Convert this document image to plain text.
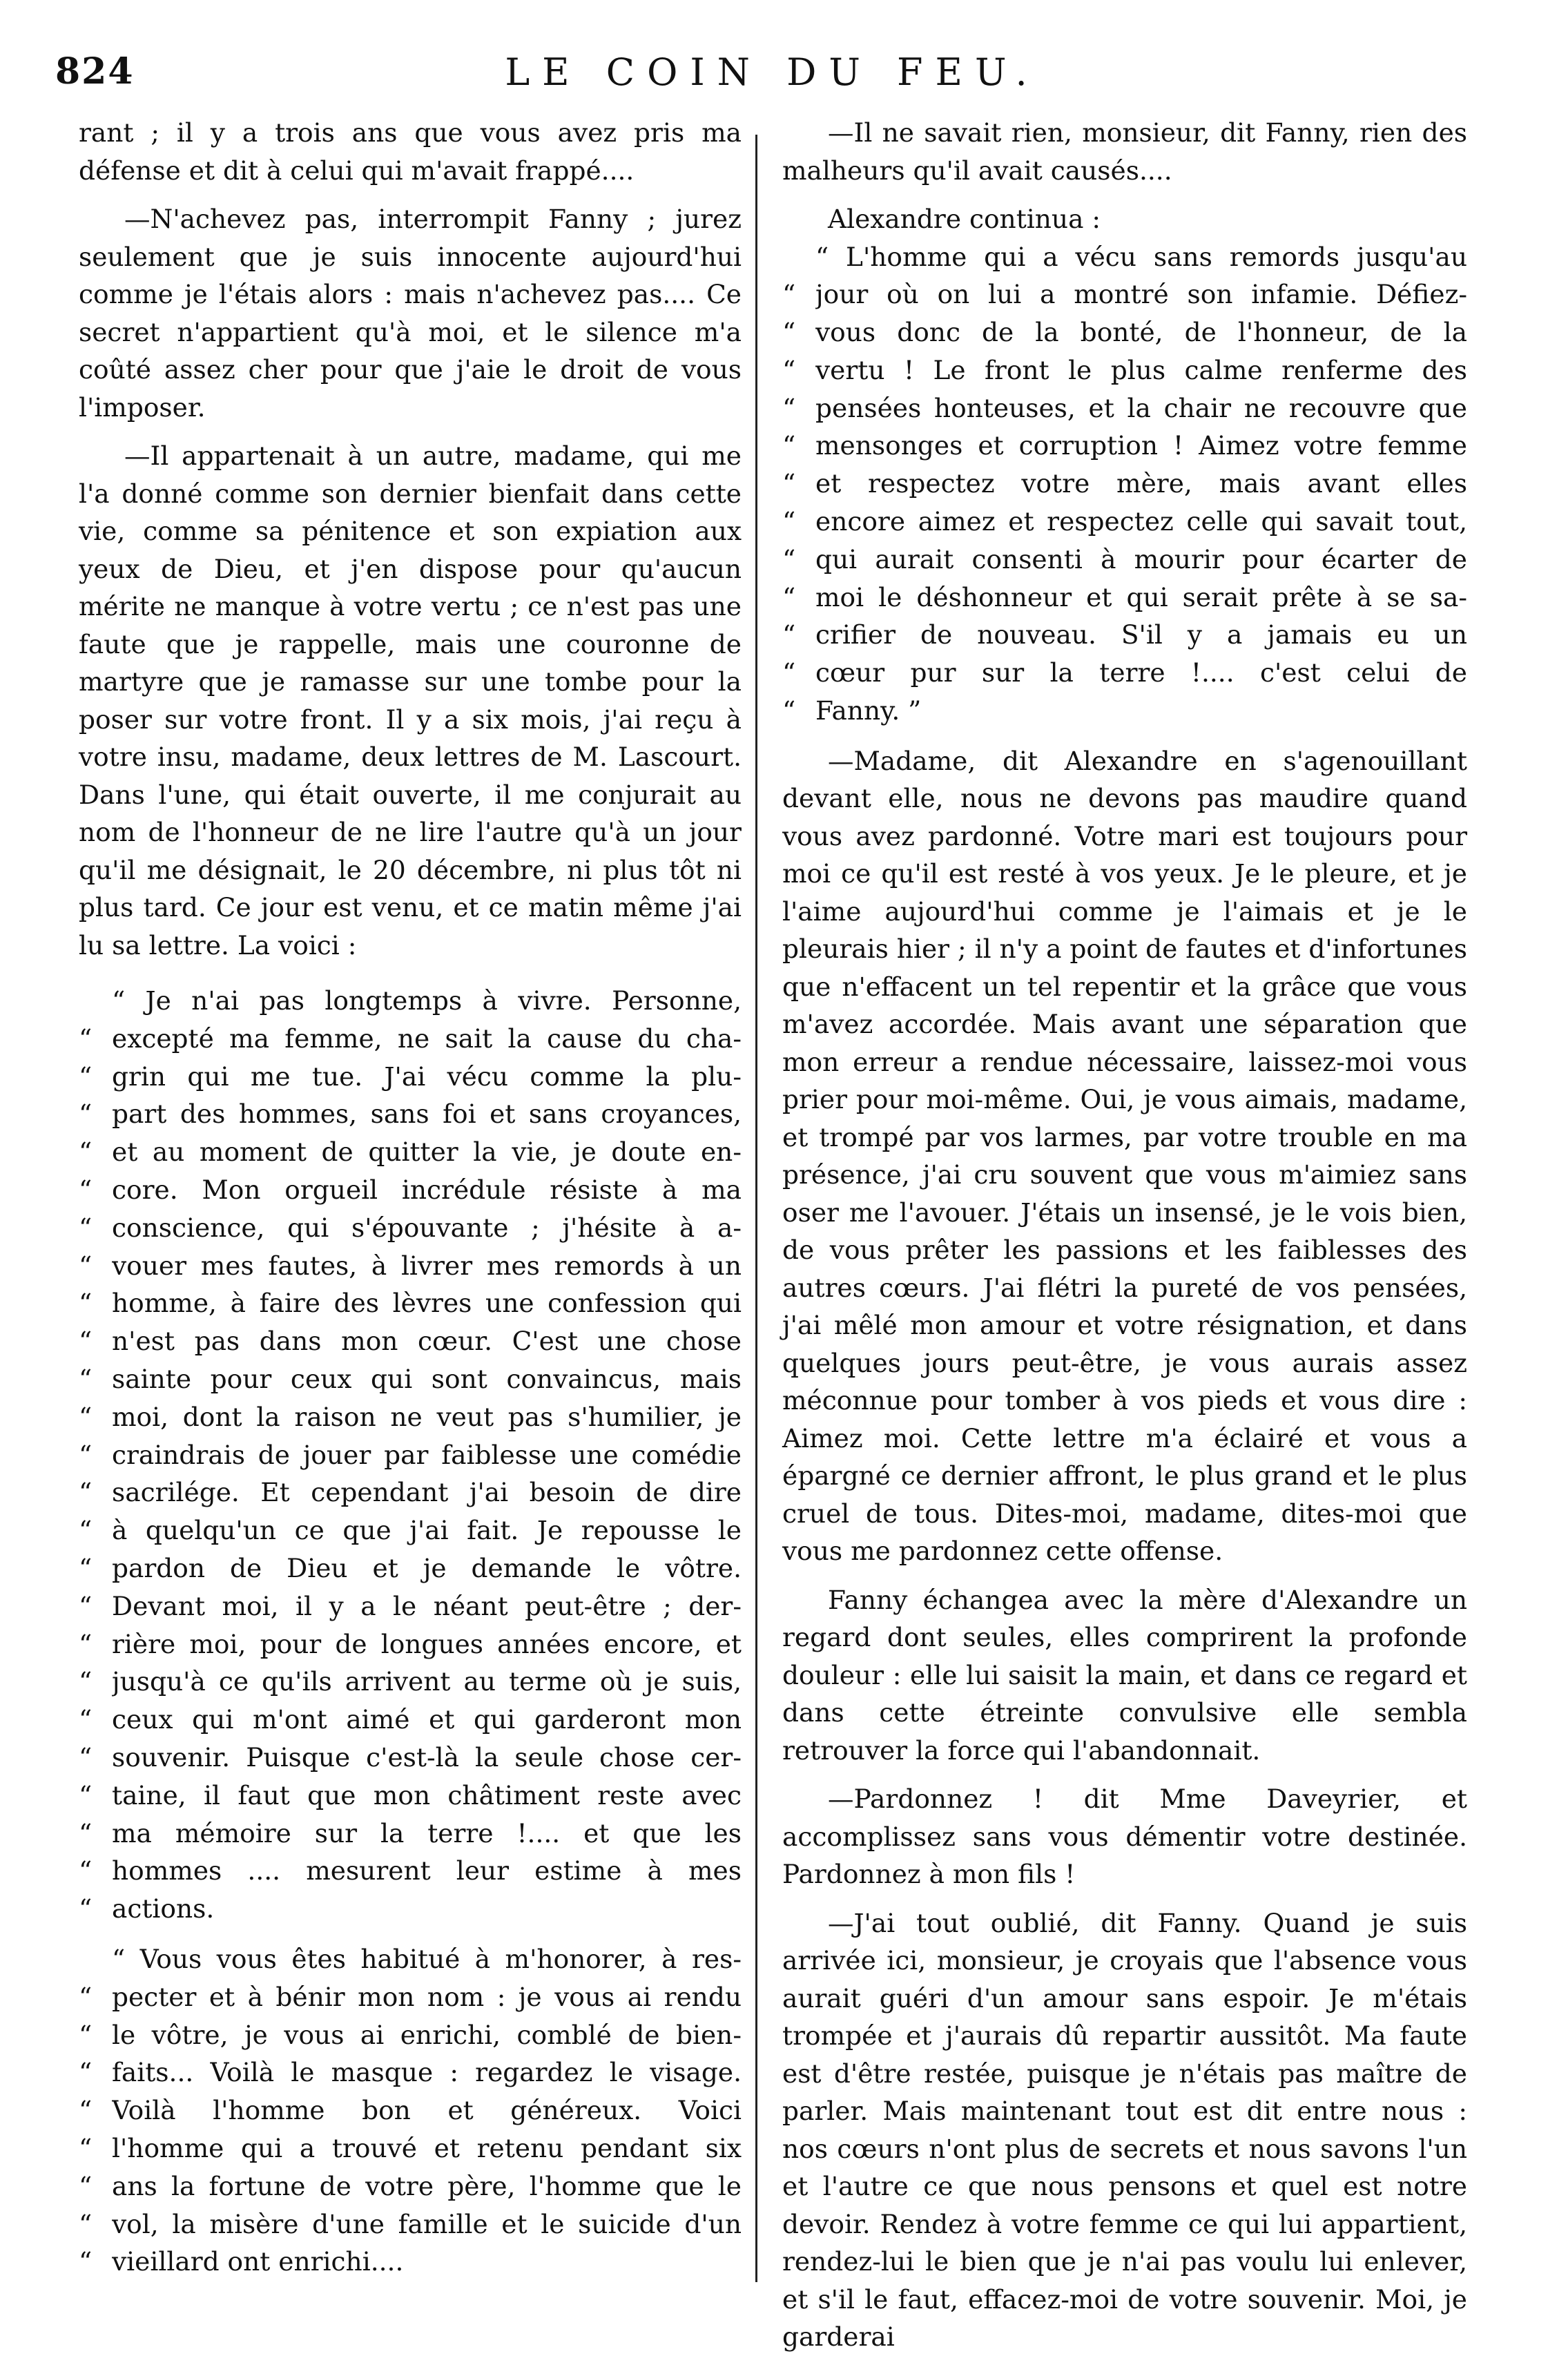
824	LE COIN DU FEU.

rant ; il y a trois ans que vous avez pris ma défense et dit à celui qui m'avait frappé....

—N'achevez pas, interrompit Fanny ; jurez seulement que je suis innocente aujourd'hui comme je l'étais alors : mais n'achevez pas.... Ce secret n'appartient qu'à moi, et le silence m'a coûté assez cher pour que j'aie le droit de vous l'imposer.

—Il appartenait à un autre, madame, qui me l'a donné comme son dernier bienfait dans cette vie, comme sa pénitence et son expiation aux yeux de Dieu, et j'en dispose pour qu'aucun mérite ne manque à votre vertu ; ce n'est pas une faute que je rappelle, mais une couronne de martyre que je ramasse sur une tombe pour la poser sur votre front. Il y a six mois, j'ai reçu à votre insu, madame, deux lettres de M. Lascourt. Dans l'une, qui était ouverte, il me conjurait au nom de l'honneur de ne lire l'autre qu'à un jour qu'il me désignait, le 20 décembre, ni plus tôt ni plus tard. Ce jour est venu, et ce matin même j'ai lu sa lettre. La voici :

“ Je n'ai pas longtemps à vivre. Personne,
“ excepté ma femme, ne sait la cause du cha-
“ grin qui me tue. J'ai vécu comme la plu-
“ part des hommes, sans foi et sans croyances,
“ et au moment de quitter la vie, je doute en-
“ core. Mon orgueil incrédule résiste à ma
“ conscience, qui s'épouvante ; j'hésite à a-
“ vouer mes fautes, à livrer mes remords à un
“ homme, à faire des lèvres une confession qui
“ n'est pas dans mon cœur. C'est une chose
“ sainte pour ceux qui sont convaincus, mais
“ moi, dont la raison ne veut pas s'humilier, je
“ craindrais de jouer par faiblesse une comédie
“ sacrilége. Et cependant j'ai besoin de dire
“ à quelqu'un ce que j'ai fait. Je repousse le
“ pardon de Dieu et je demande le vôtre.
“ Devant moi, il y a le néant peut-être ; der-
“ rière moi, pour de longues années encore, et
“ jusqu'à ce qu'ils arrivent au terme où je suis,
“ ceux qui m'ont aimé et qui garderont mon
“ souvenir. Puisque c'est-là la seule chose cer-
“ taine, il faut que mon châtiment reste avec
“ ma mémoire sur la terre !.... et que les
“ hommes .... mesurent leur estime à mes
“ actions.
“ Vous vous êtes habitué à m'honorer, à res-
“ pecter et à bénir mon nom : je vous ai rendu
“ le vôtre, je vous ai enrichi, comblé de bien-
“ faits... Voilà le masque : regardez le visage.
“ Voilà l'homme bon et généreux. Voici
“ l'homme qui a trouvé et retenu pendant six
“ ans la fortune de votre père, l'homme que le
“ vol, la misère d'une famille et le suicide d'un
“ vieillard ont enrichi....

—Il ne savait rien, monsieur, dit Fanny, rien des malheurs qu'il avait causés....

Alexandre continua :

“ L'homme qui a vécu sans remords jusqu'au
“ jour où on lui a montré son infamie. Défiez-
“ vous donc de la bonté, de l'honneur, de la
“ vertu ! Le front le plus calme renferme des
“ pensées honteuses, et la chair ne recouvre que
“ mensonges et corruption ! Aimez votre femme
“ et respectez votre mère, mais avant elles
“ encore aimez et respectez celle qui savait tout,
“ qui aurait consenti à mourir pour écarter de
“ moi le déshonneur et qui serait prête à se sa-
“ crifier de nouveau. S'il y a jamais eu un
“ cœur pur sur la terre !.... c'est celui de
“ Fanny. ”

—Madame, dit Alexandre en s'agenouillant devant elle, nous ne devons pas maudire quand vous avez pardonné. Votre mari est toujours pour moi ce qu'il est resté à vos yeux. Je le pleure, et je l'aime aujourd'hui comme je l'aimais et je le pleurais hier ; il n'y a point de fautes et d'infortunes que n'effacent un tel repentir et la grâce que vous m'avez accordée. Mais avant une séparation que mon erreur a rendue nécessaire, laissez-moi vous prier pour moi-même. Oui, je vous aimais, madame, et trompé par vos larmes, par votre trouble en ma présence, j'ai cru souvent que vous m'aimiez sans oser me l'avouer. J'étais un insensé, je le vois bien, de vous prêter les passions et les faiblesses des autres cœurs. J'ai flétri la pureté de vos pensées, j'ai mêlé mon amour et votre résignation, et dans quelques jours peut-être, je vous aurais assez méconnue pour tomber à vos pieds et vous dire : Aimez moi. Cette lettre m'a éclairé et vous a épargné ce dernier affront, le plus grand et le plus cruel de tous. Dites-moi, madame, dites-moi que vous me pardonnez cette offense.

Fanny échangea avec la mère d'Alexandre un regard dont seules, elles comprirent la profonde douleur : elle lui saisit la main, et dans ce regard et dans cette étreinte convulsive elle sembla retrouver la force qui l'abandonnait.

—Pardonnez ! dit Mme Daveyrier, et accomplissez sans vous démentir votre destinée. Pardonnez à mon fils !

—J'ai tout oublié, dit Fanny. Quand je suis arrivée ici, monsieur, je croyais que l'absence vous aurait guéri d'un amour sans espoir. Je m'étais trompée et j'aurais dû repartir aussitôt. Ma faute est d'être restée, puisque je n'étais pas maître de parler. Mais maintenant tout est dit entre nous : nos cœurs n'ont plus de secrets et nous savons l'un et l'autre ce que nous pensons et quel est notre devoir. Rendez à votre femme ce qui lui appartient, rendez-lui le bien que je n'ai pas voulu lui enlever, et s'il le faut, effacez-moi de votre souvenir. Moi, je garderai
